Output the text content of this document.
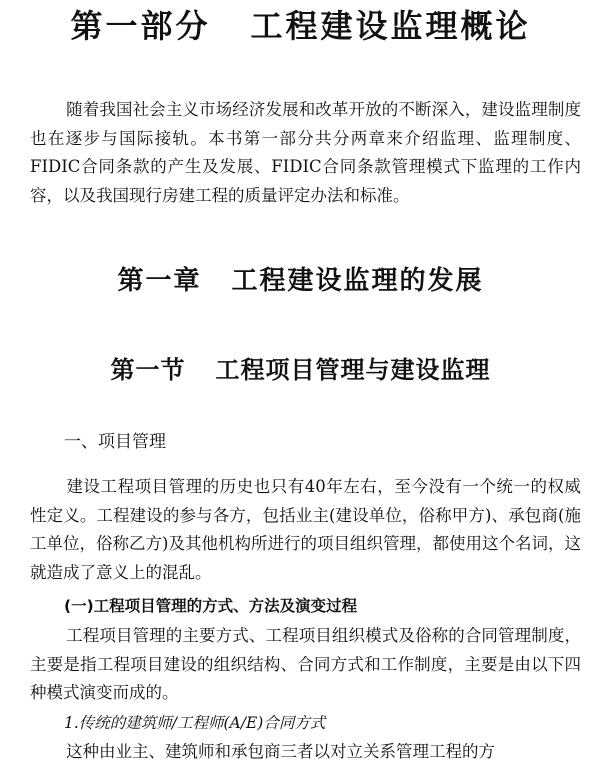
第一部分 工程建设监理概论

随着我国社会主义市场经济发展和改革开放的不断深入，建设监理制度也在逐步与国际接轨。本书第一部分共分两章来介绍监理、监理制度、FIDIC合同条款的产生及发展、FIDIC合同条款管理模式下监理的工作内容，以及我国现行房建工程的质量评定办法和标准。

第一章 工程建设监理的发展
第一节 工程项目管理与建设监理
一、项目管理

建设工程项目管理的历史也只有40年左右，至今没有一个统一的权威性定义。工程建设的参与各方，包括业主(建设单位，俗称甲方)、承包商(施工单位，俗称乙方)及其他机构所进行的项目组织管理，都使用这个名词，这就造成了意义上的混乱。

(一)工程项目管理的方式、方法及演变过程

工程项目管理的主要方式、工程项目组织模式及俗称的合同管理制度，主要是指工程项目建设的组织结构、合同方式和工作制度，主要是由以下四种模式演变而成的。

1.传统的建筑师/工程师(A/E)合同方式

这种由业主、建筑师和承包商三者以对立关系管理工程的方
